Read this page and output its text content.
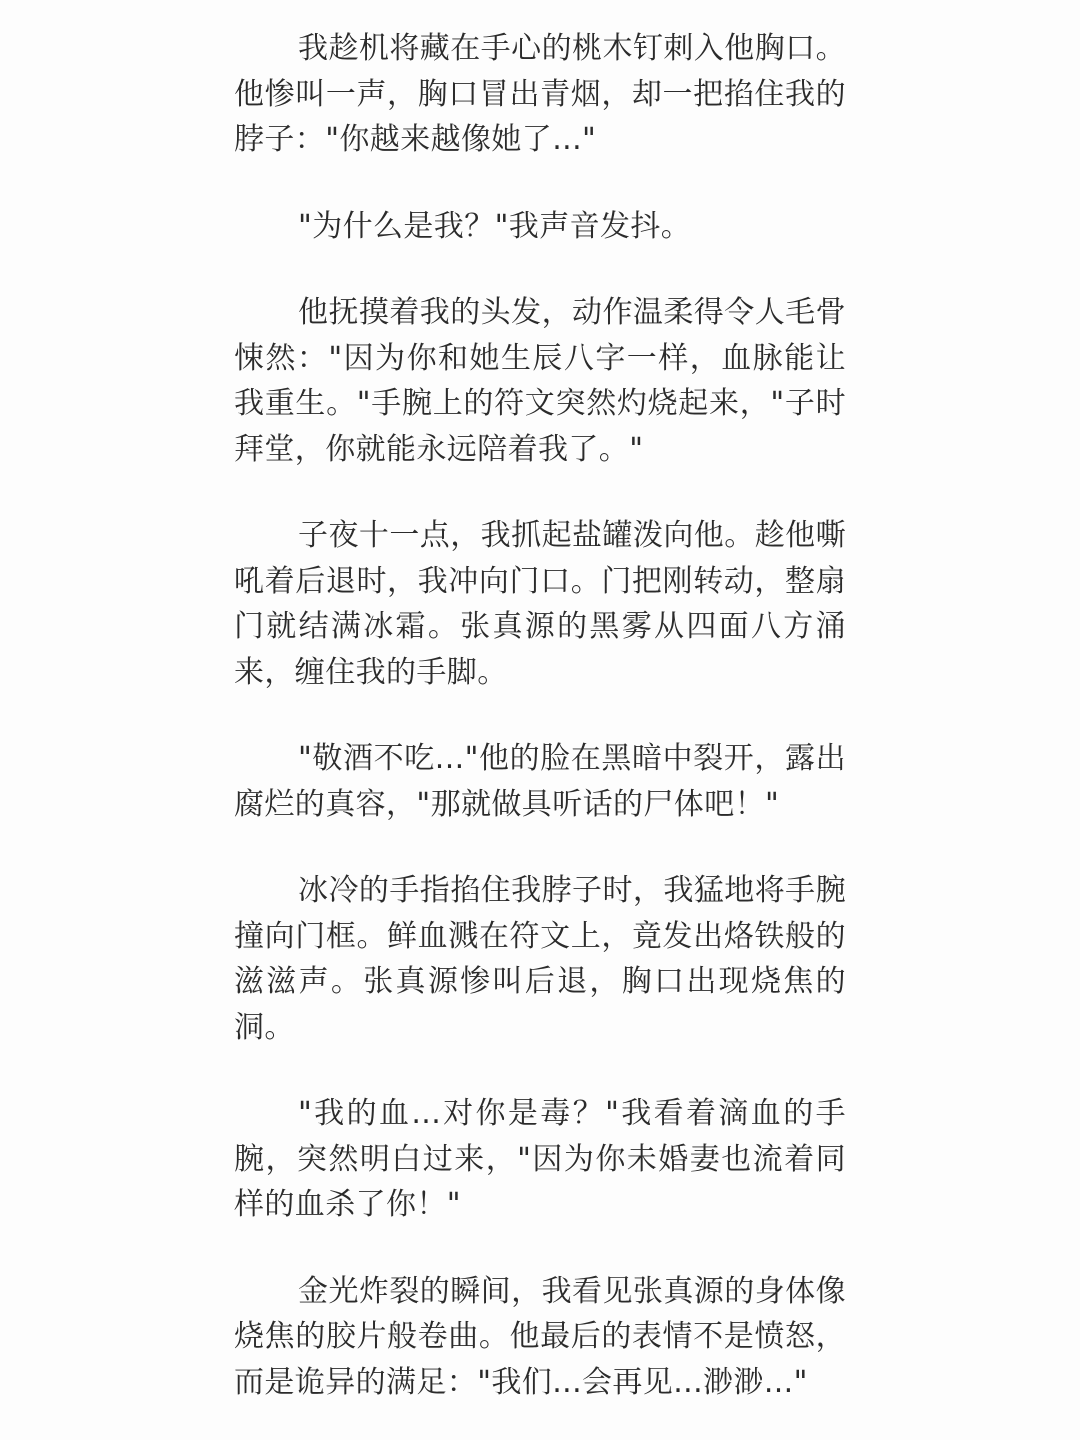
我趁机将藏在手心的桃木钉刺入他胸口。他惨叫一声，胸口冒出青烟，却一把掐住我的脖子："你越来越像她了..."

"为什么是我？"我声音发抖。

他抚摸着我的头发，动作温柔得令人毛骨悚然："因为你和她生辰八字一样，血脉能让我重生。"手腕上的符文突然灼烧起来，"子时拜堂，你就能永远陪着我了。"

子夜十一点，我抓起盐罐泼向他。趁他嘶吼着后退时，我冲向门口。门把刚转动，整扇门就结满冰霜。张真源的黑雾从四面八方涌来，缠住我的手脚。

"敬酒不吃..."他的脸在黑暗中裂开，露出腐烂的真容，"那就做具听话的尸体吧！"

冰冷的手指掐住我脖子时，我猛地将手腕撞向门框。鲜血溅在符文上，竟发出烙铁般的滋滋声。张真源惨叫后退，胸口出现烧焦的洞。

"我的血...对你是毒？"我看着滴血的手腕，突然明白过来，"因为你未婚妻也流着同样的血杀了你！"

金光炸裂的瞬间，我看见张真源的身体像烧焦的胶片般卷曲。他最后的表情不是愤怒，而是诡异的满足："我们...会再见...渺渺..."
